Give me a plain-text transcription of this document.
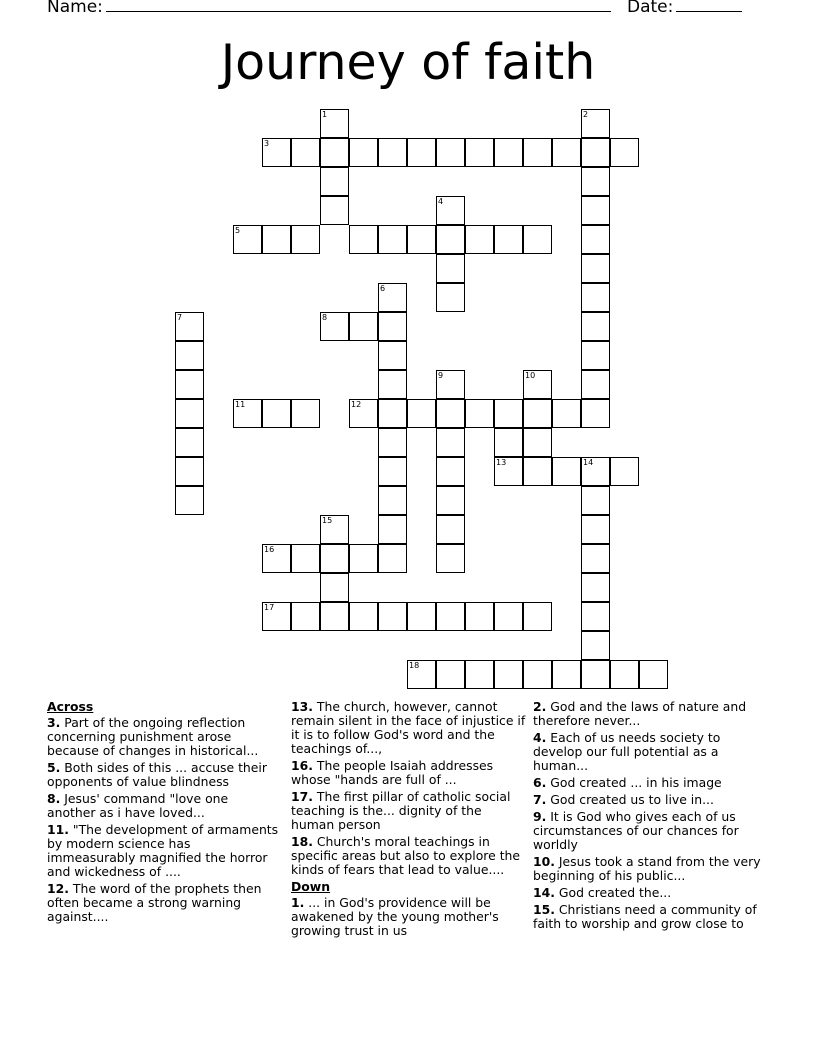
Name:	Date:
Journey of faith
1	2
3
4
5
6
7	8
9	10
11	12
13	14
15
16
17
18
Across
3. Part of the ongoing reflection concerning punishment arose because of changes in historical...
5. Both sides of this ... accuse their opponents of value blindness
8. Jesus' command "love one another as i have loved...
11. "The development of armaments by modern science has immeasurably magnified the horror and wickedness of ....
12. The word of the prophets then often became a strong warning against....
13. The church, however, cannot remain silent in the face of injustice if it is to follow God's word and the teachings of...,
16. The people Isaiah addresses whose "hands are full of ...
17. The first pillar of catholic social teaching is the... dignity of the human person
18. Church's moral teachings in specific areas but also to explore the kinds of fears that lead to value....
Down
1. ... in God's providence will be awakened by the young mother's growing trust in us
2. God and the laws of nature and therefore never...
4. Each of us needs society to develop our full potential as a human...
6. God created ... in his image
7. God created us to live in...
9. It is God who gives each of us circumstances of our chances for worldly
10. Jesus took a stand from the very beginning of his public...
14. God created the...
15. Christians need a community of faith to worship and grow close to
